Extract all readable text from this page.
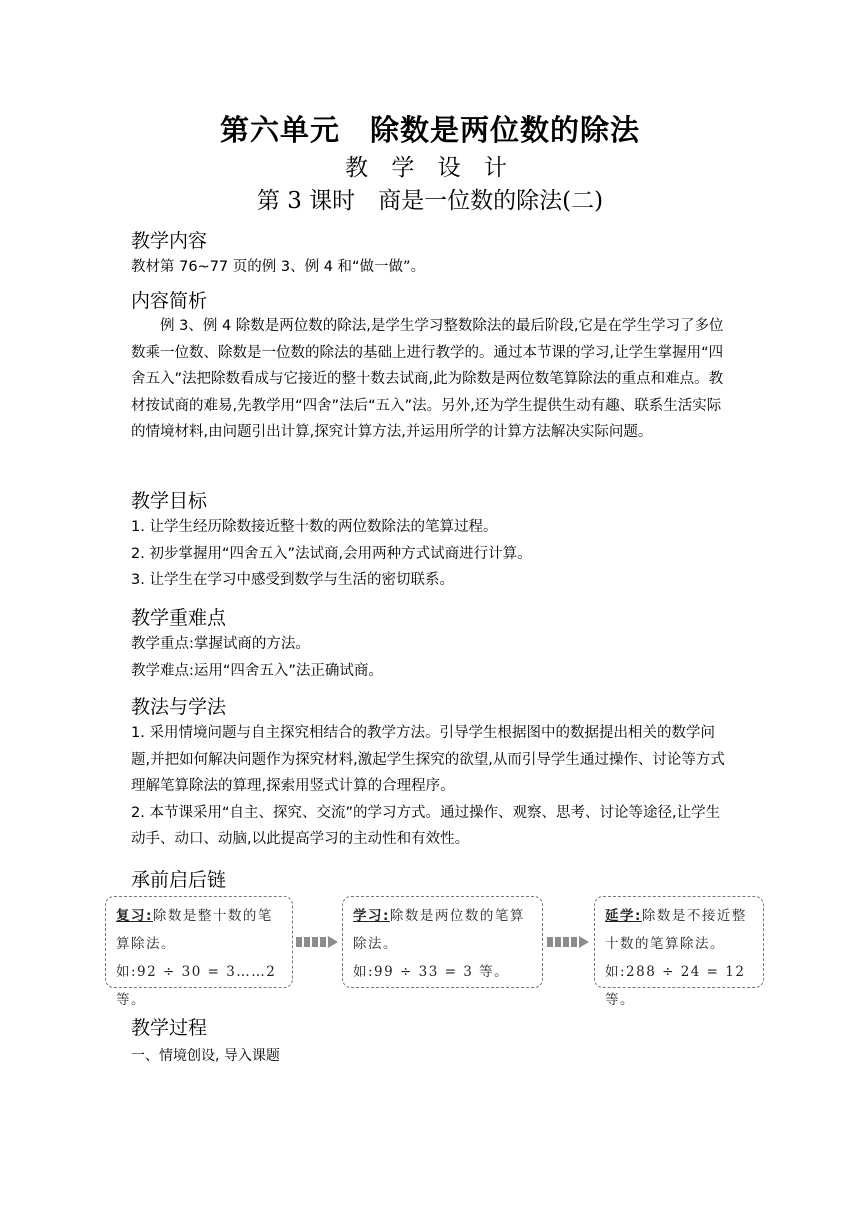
第六单元　除数是两位数的除法
教 学 设 计
第 3 课时　商是一位数的除法(二)
教学内容
教材第 76~77 页的例 3、例 4 和“做一做”。
内容简析
例 3、例 4 除数是两位数的除法,是学生学习整数除法的最后阶段,它是在学生学习了多位数乘一位数、除数是一位数的除法的基础上进行教学的。通过本节课的学习,让学生掌握用“四舍五入”法把除数看成与它接近的整十数去试商,此为除数是两位数笔算除法的重点和难点。教材按试商的难易,先教学用“四舍”法后“五入”法。另外,还为学生提供生动有趣、联系生活实际的情境材料,由问题引出计算,探究计算方法,并运用所学的计算方法解决实际问题。
教学目标
1. 让学生经历除数接近整十数的两位数除法的笔算过程。
2. 初步掌握用“四舍五入”法试商,会用两种方式试商进行计算。
3. 让学生在学习中感受到数学与生活的密切联系。
教学重难点
教学重点:掌握试商的方法。
教学难点:运用“四舍五入”法正确试商。
教法与学法
1. 采用情境问题与自主探究相结合的教学方法。引导学生根据图中的数据提出相关的数学问题,并把如何解决问题作为探究材料,激起学生探究的欲望,从而引导学生通过操作、讨论等方式理解笔算除法的算理,探索用竖式计算的合理程序。
2. 本节课采用“自主、探究、交流”的学习方式。通过操作、观察、思考、讨论等途径,让学生动手、动口、动脑,以此提高学习的主动性和有效性。
承前启后链
复习:除数是整十数的笔
算除法。
如:92 ÷ 30 = 3……2 等。
学习:除数是两位数的笔算
除法。
如:99 ÷ 33 = 3 等。
延学:除数是不接近整
十数的笔算除法。
如:288 ÷ 24 = 12 等。
教学过程
一、情境创设, 导入课题
